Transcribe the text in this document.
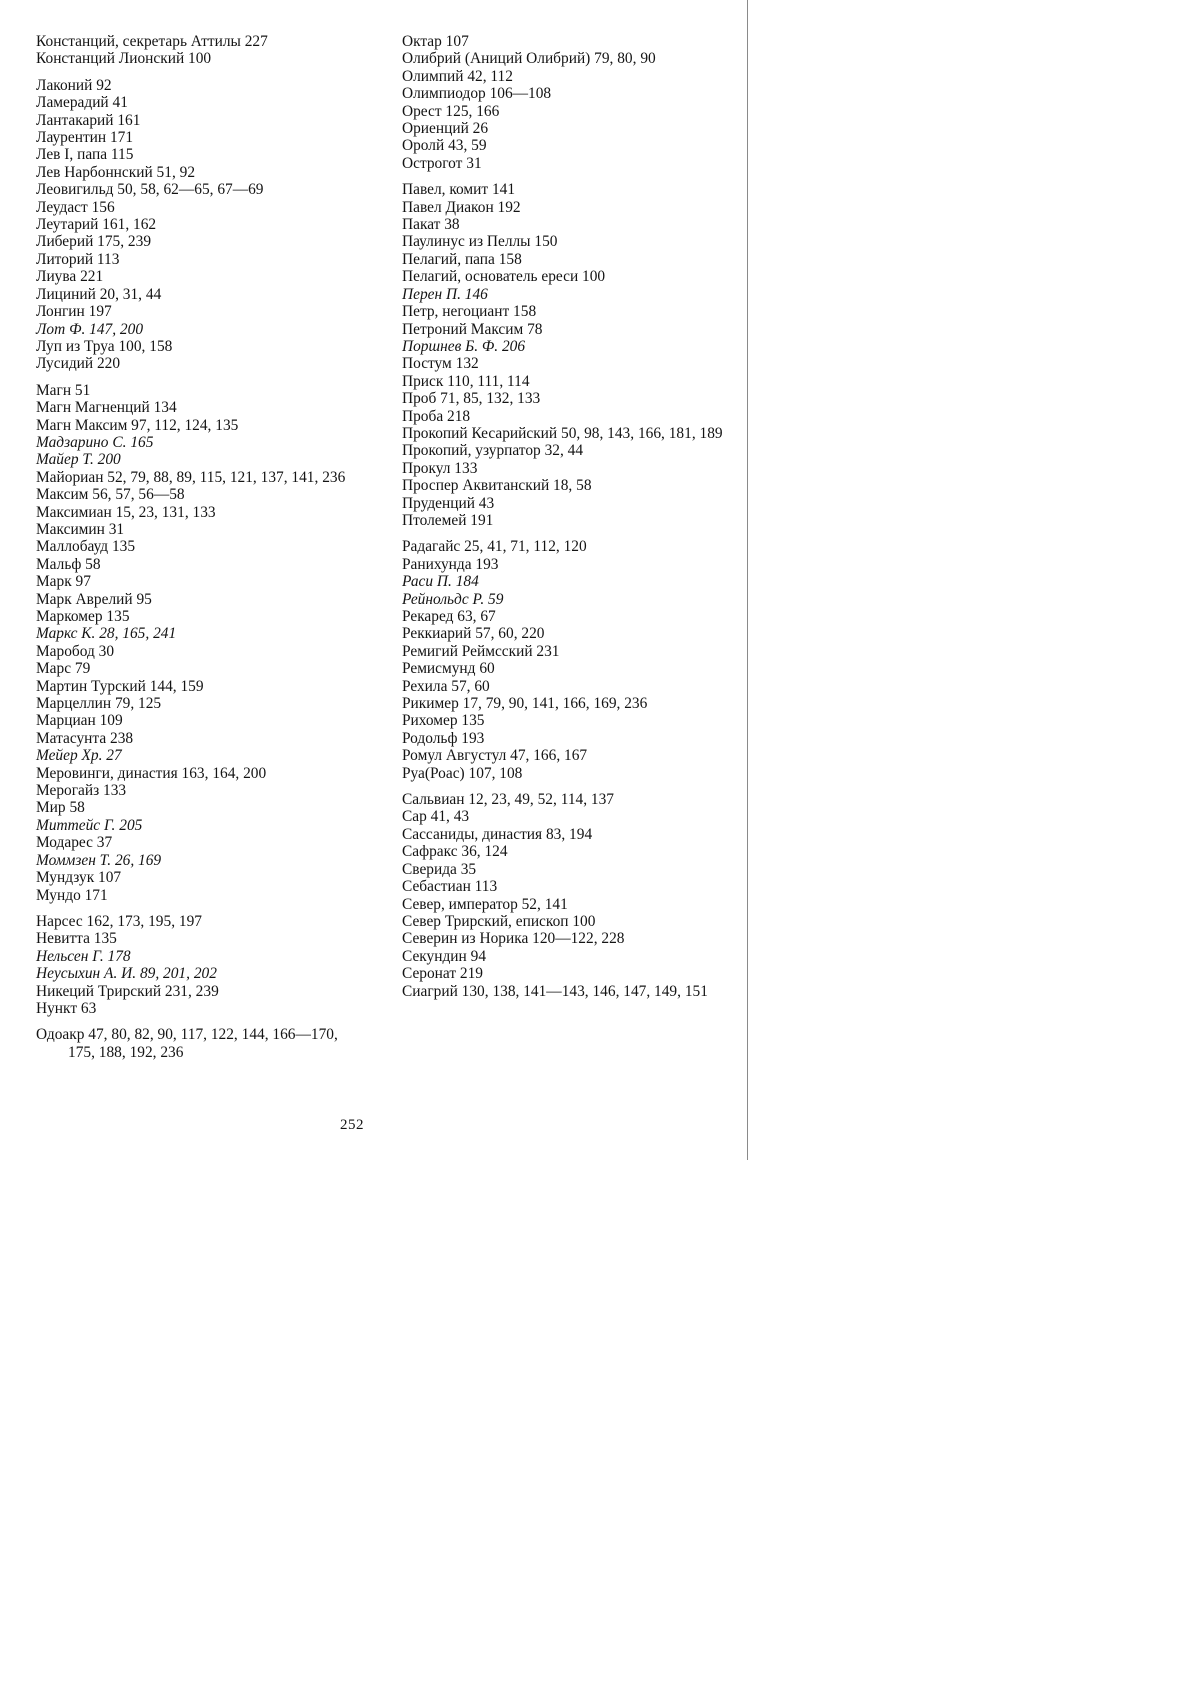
Констанций, секретарь Аттилы 227
Констанций Лионский 100
Лаконий 92
Ламерадий 41
Лантакарий 161
Лаурентин 171
Лев I, папа 115
Лев Нарбоннский 51, 92
Леовигильд 50, 58, 62—65, 67—69
Леудаст 156
Леутарий 161, 162
Либерий 175, 239
Литорий 113
Лиува 221
Лициний 20, 31, 44
Лонгин 197
Лот Ф. 147, 200
Луп из Труа 100, 158
Лусидий 220
Магн 51
Магн Магненций 134
Магн Максим 97, 112, 124, 135
Мадзарино С. 165
Майер Т. 200
Майориан 52, 79, 88, 89, 115, 121, 137, 141, 236
Максим 56, 57, 56—58
Максимиан 15, 23, 131, 133
Максимин 31
Маллобауд 135
Мальф 58
Марк 97
Марк Аврелий 95
Маркомер 135
Маркс К. 28, 165, 241
Маробод 30
Марс 79
Мартин Турский 144, 159
Марцеллин 79, 125
Марциан 109
Матасунта 238
Мейер Хр. 27
Меровинги, династия 163, 164, 200
Мерогайз 133
Мир 58
Миттейс Г. 205
Модарес 37
Моммзен Т. 26, 169
Мундзук 107
Мундо 171
Нарсес 162, 173, 195, 197
Невитта 135
Нельсен Г. 178
Неусыхин А. И. 89, 201, 202
Никеций Трирский 231, 239
Нункт 63
Одоакр 47, 80, 82, 90, 117, 122, 144, 166—170, 175, 188, 192, 236
Октар 107
Олибрий (Аниций Олибрий) 79, 80, 90
Олимпий 42, 112
Олимпиодор 106—108
Орест 125, 166
Ориенций 26
Оролй 43, 59
Острогот 31
Павел, комит 141
Павел Диакон 192
Пакат 38
Паулинус из Пеллы 150
Пелагий, папа 158
Пелагий, основатель ереси 100
Перен П. 146
Петр, негоциант 158
Петроний Максим 78
Поршнев Б. Ф. 206
Постум 132
Приск 110, 111, 114
Проб 71, 85, 132, 133
Проба 218
Прокопий Кесарийский 50, 98, 143, 166, 181, 189
Прокопий, узурпатор 32, 44
Прокул 133
Проспер Аквитанский 18, 58
Пруденций 43
Птолемей 191
Радагайс 25, 41, 71, 112, 120
Ранихунда 193
Раси П. 184
Рейнольдс Р. 59
Рекаред 63, 67
Реккиарий 57, 60, 220
Ремигий Реймсский 231
Ремисмунд 60
Рехила 57, 60
Рикимер 17, 79, 90, 141, 166, 169, 236
Рихомер 135
Родольф 193
Ромул Августул 47, 166, 167
Руа(Роас) 107, 108
Сальвиан 12, 23, 49, 52, 114, 137
Сар 41, 43
Сассаниды, династия 83, 194
Сафракс 36, 124
Сверида 35
Себастиан 113
Север, император 52, 141
Север Трирский, епископ 100
Северин из Норика 120—122, 228
Секундин 94
Серонат 219
Сиагрий 130, 138, 141—143, 146, 147, 149, 151
252
